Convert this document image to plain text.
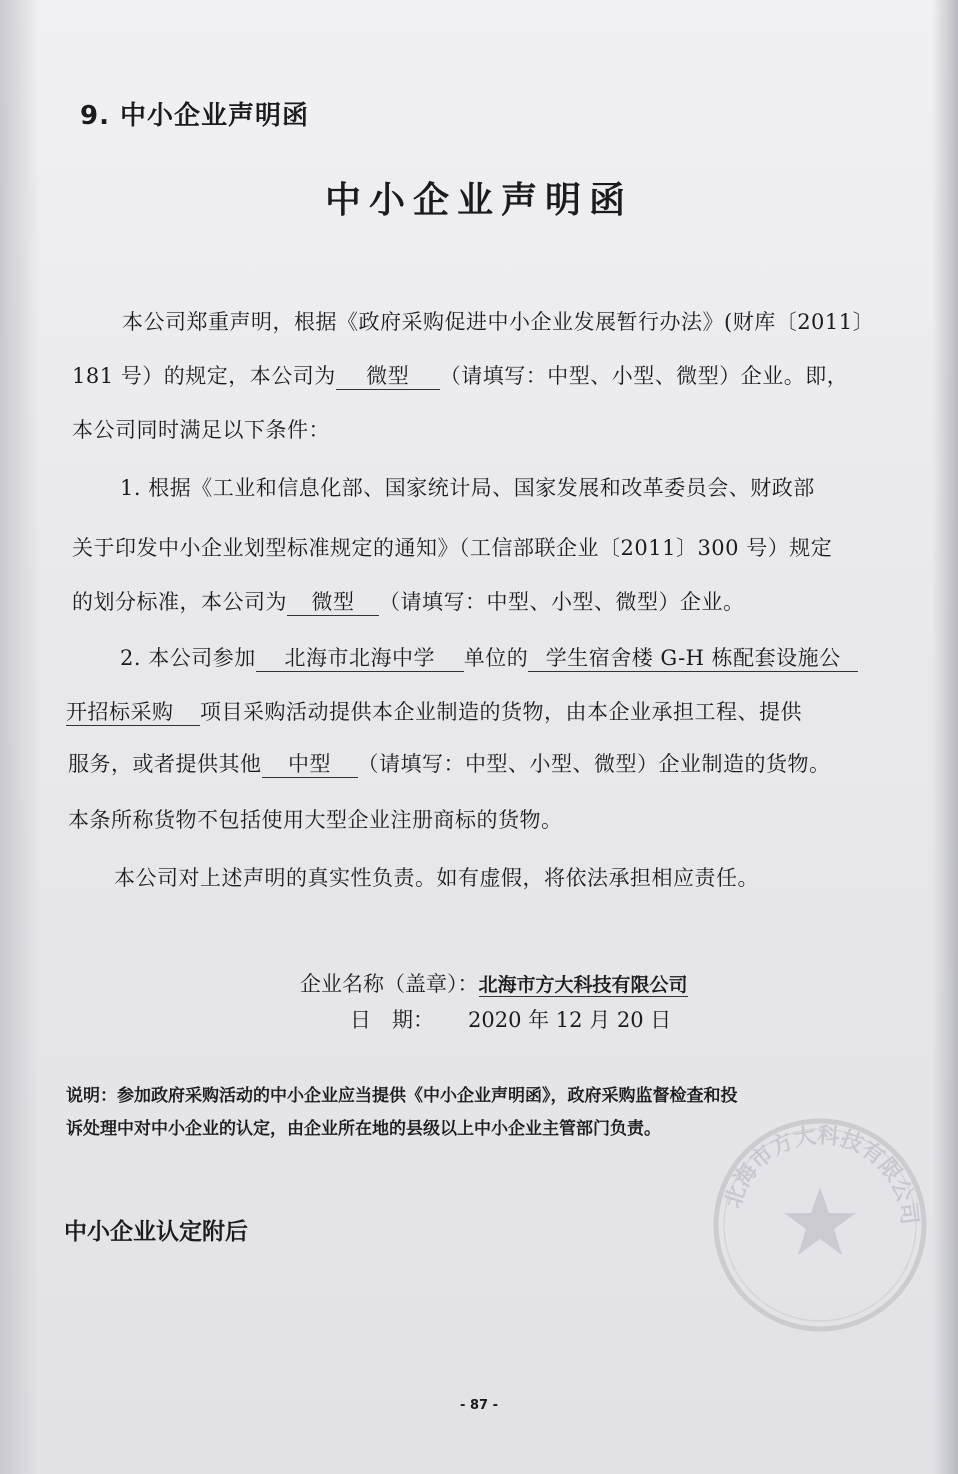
9. 中小企业声明函
中小企业声明函
本公司郑重声明，根据《政府采购促进中小企业发展暂行办法》(财库〔2011〕
181 号）的规定，本公司为 微型 （请填写：中型、小型、微型）企业。即，
本公司同时满足以下条件：
1. 根据《工业和信息化部、国家统计局、国家发展和改革委员会、财政部
关于印发中小企业划型标准规定的通知》（工信部联企业〔2011〕300 号）规定
的划分标准，本公司为 微型 （请填写：中型、小型、微型）企业。
2. 本公司参加 北海市北海中学 单位的 学生宿舍楼 G-H 栋配套设施公
开招标采购 项目采购活动提供本企业制造的货物，由本企业承担工程、提供
服务，或者提供其他 中型 （请填写：中型、小型、微型）企业制造的货物。
本条所称货物不包括使用大型企业注册商标的货物。
本公司对上述声明的真实性负责。如有虚假，将依法承担相应责任。
企业名称（盖章）：北海市方大科技有限公司
日　期： 2020 年 12 月 20 日
说明：参加政府采购活动的中小企业应当提供《中小企业声明函》，政府采购监督检查和投
诉处理中对中小企业的认定，由企业所在地的县级以上中小企业主管部门负责。
北海市方大科技有限公司
中小企业认定附后
- 87 -
